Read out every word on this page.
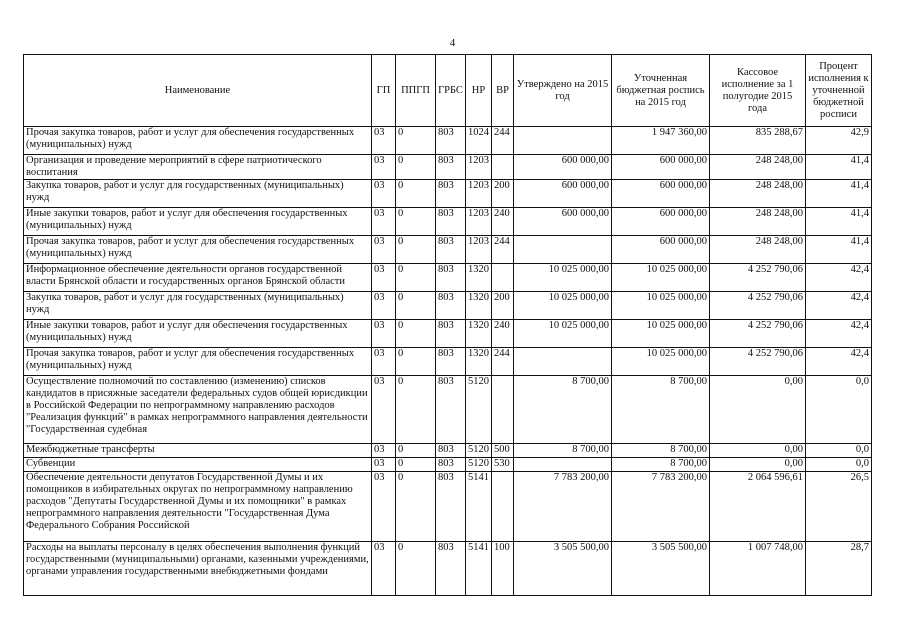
4
Наименование	ГП	ППГП	ГРБС	НР	ВР	Утверждено на 2015 год	Уточненная бюджетная роспись на 2015 год	Кассовое исполнение за 1 полугодие 2015 года	Процент исполнения к уточненной бюджетной росписи

Прочая закупка товаров, работ и услуг для обеспечения государственных (муниципальных) нужд	03	0	803	1024	244		1 947 360,00	835 288,67	42,9

Организация и проведение мероприятий в сфере патриотического воспитания	03	0	803	1203		600 000,00	600 000,00	248 248,00	41,4

Закупка товаров, работ и услуг для государственных (муниципальных) нужд	03	0	803	1203	200	600 000,00	600 000,00	248 248,00	41,4

Иные закупки товаров, работ и услуг для обеспечения государственных (муниципальных) нужд	03	0	803	1203	240	600 000,00	600 000,00	248 248,00	41,4

Прочая закупка товаров, работ и услуг для обеспечения государственных (муниципальных) нужд	03	0	803	1203	244		600 000,00	248 248,00	41,4

Информационное обеспечение деятельности органов государственной власти Брянской области и государственных органов Брянской области	03	0	803	1320		10 025 000,00	10 025 000,00	4 252 790,06	42,4

Закупка товаров, работ и услуг для государственных (муниципальных) нужд	03	0	803	1320	200	10 025 000,00	10 025 000,00	4 252 790,06	42,4

Иные закупки товаров, работ и услуг для обеспечения государственных (муниципальных) нужд	03	0	803	1320	240	10 025 000,00	10 025 000,00	4 252 790,06	42,4

Прочая закупка товаров, работ и услуг для обеспечения государственных (муниципальных) нужд	03	0	803	1320	244		10 025 000,00	4 252 790,06	42,4

Осуществление полномочий по составлению (изменению) списков кандидатов в присяжные заседатели федеральных судов общей юрисдикции в Российской Федерации по непрограммному направлению расходов "Реализация функций" в рамках непрограммного направления деятельности "Государственная судебная	03	0	803	5120		8 700,00	8 700,00	0,00	0,0

Межбюджетные трансферты	03	0	803	5120	500	8 700,00	8 700,00	0,00	0,0

Субвенции	03	0	803	5120	530		8 700,00	0,00	0,0

Обеспечение деятельности депутатов Государственной Думы и их помощников в избирательных округах по непрограммному направлению расходов "Депутаты Государственной Думы и их помощники" в рамках непрограммного направления деятельности "Государственная Дума Федерального Собрания Российской	03	0	803	5141		7 783 200,00	7 783 200,00	2 064 596,61	26,5

Расходы на выплаты персоналу в целях обеспечения выполнения функций государственными (муниципальными) органами, казенными учреждениями, органами управления государственными внебюджетными фондами	03	0	803	5141	100	3 505 500,00	3 505 500,00	1 007 748,00	28,7
